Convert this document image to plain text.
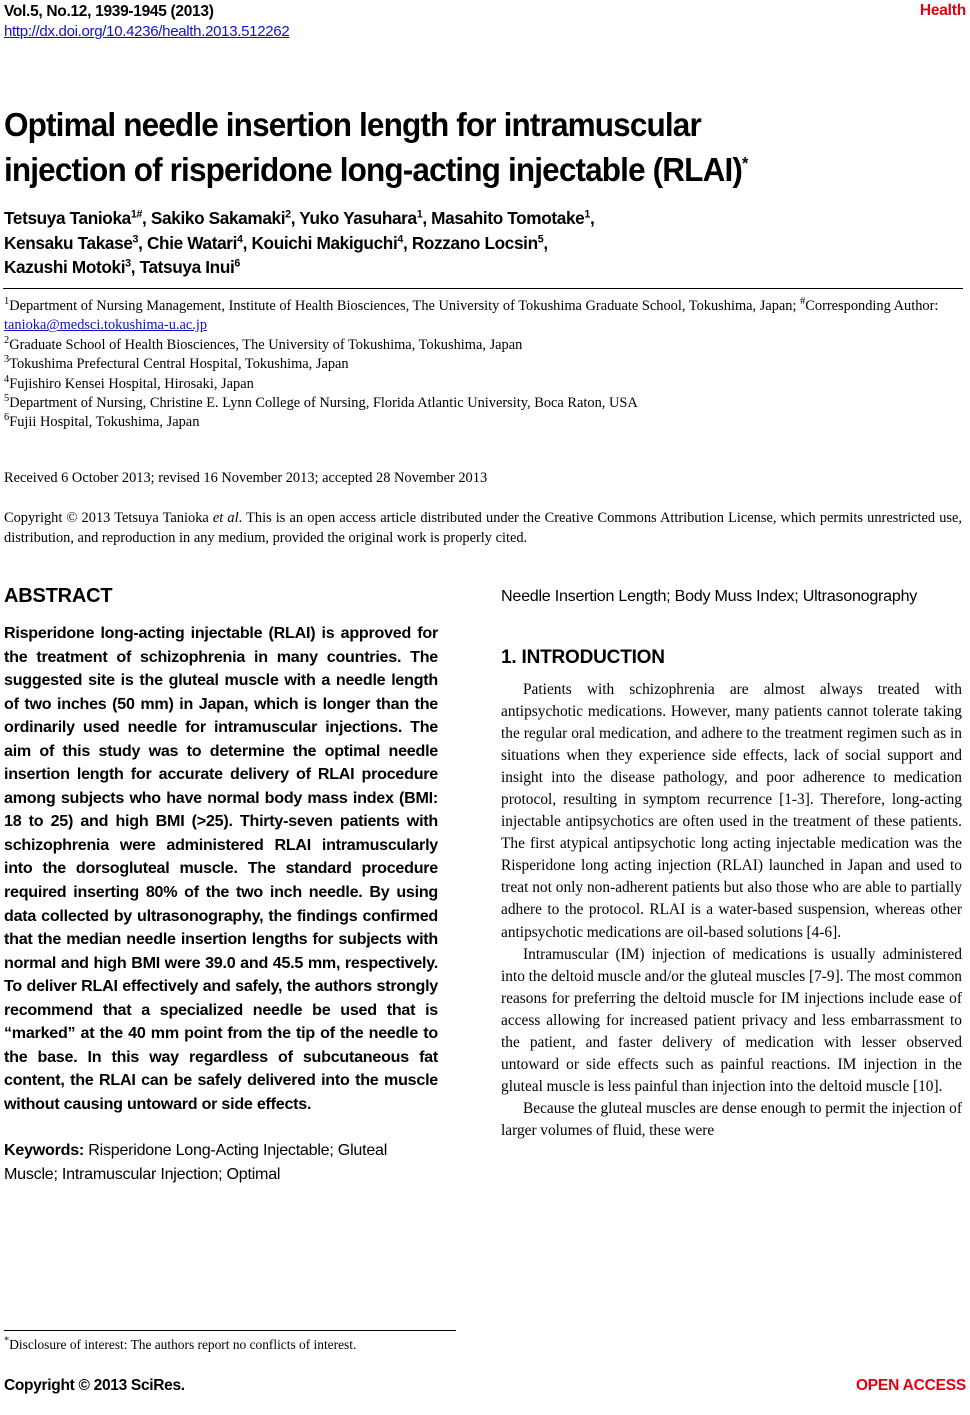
Vol.5, No.12, 1939-1945 (2013)
http://dx.doi.org/10.4236/health.2013.512262
Health
Optimal needle insertion length for intramuscular
injection of risperidone long-acting injectable (RLAI)*
Tetsuya Tanioka$^{1\#}$, Sakiko Sakamaki$^2$, Yuko Yasuhara$^1$, Masahito Tomotake$^1$,
Kensaku Takase$^3$, Chie Watari$^4$, Kouichi Makiguchi$^4$, Rozzano Locsin$^5$,
Kazushi Motoki$^3$, Tatsuya Inui$^6$
$^1$Department of Nursing Management, Institute of Health Biosciences, The University of Tokushima Graduate School, Tokushima, Japan; #Corresponding Author: tanioka@medsci.tokushima-u.ac.jp
$^2$Graduate School of Health Biosciences, The University of Tokushima, Tokushima, Japan
$^3$Tokushima Prefectural Central Hospital, Tokushima, Japan
$^4$Fujishiro Kensei Hospital, Hirosaki, Japan
$^5$Department of Nursing, Christine E. Lynn College of Nursing, Florida Atlantic University, Boca Raton, USA
$^6$Fujii Hospital, Tokushima, Japan
Received 6 October 2013; revised 16 November 2013; accepted 28 November 2013
Copyright © 2013 Tetsuya Tanioka et al. This is an open access article distributed under the Creative Commons Attribution License, which permits unrestricted use, distribution, and reproduction in any medium, provided the original work is properly cited.
ABSTRACT

Risperidone long-acting injectable (RLAI) is approved for the treatment of schizophrenia in many countries. The suggested site is the gluteal muscle with a needle length of two inches (50 mm) in Japan, which is longer than the ordinarily used needle for intramuscular injections. The aim of this study was to determine the optimal needle insertion length for accurate delivery of RLAI procedure among subjects who have normal body mass index (BMI: 18 to 25) and high BMI (>25). Thirty-seven patients with schizophrenia were administered RLAI intramuscularly into the dorsogluteal muscle. The standard procedure required inserting 80% of the two inch needle. By using data collected by ultrasonography, the findings confirmed that the median needle insertion lengths for subjects with normal and high BMI were 39.0 and 45.5 mm, respectively. To deliver RLAI effectively and safely, the authors strongly recommend that a specialized needle be used that is “marked” at the 40 mm point from the tip of the needle to the base. In this way regardless of subcutaneous fat content, the RLAI can be safely delivered into the muscle without causing untoward or side effects.

Keywords: Risperidone Long-Acting Injectable; Gluteal Muscle; Intramuscular Injection; Optimal

Needle Insertion Length; Body Muss Index; Ultrasonography

1. INTRODUCTION

Patients with schizophrenia are almost always treated with antipsychotic medications. However, many patients cannot tolerate taking the regular oral medication, and adhere to the treatment regimen such as in situations when they experience side effects, lack of social support and insight into the disease pathology, and poor adherence to medication protocol, resulting in symptom recurrence [1-3]. Therefore, long-acting injectable antipsychotics are often used in the treatment of these patients. The first atypical antipsychotic long acting injectable medication was the Risperidone long acting injection (RLAI) launched in Japan and used to treat not only non-adherent patients but also those who are able to partially adhere to the protocol. RLAI is a water-based suspension, whereas other antipsychotic medications are oil-based solutions [4-6].

Intramuscular (IM) injection of medications is usually administered into the deltoid muscle and/or the gluteal muscles [7-9]. The most common reasons for preferring the deltoid muscle for IM injections include ease of access allowing for increased patient privacy and less embarrassment to the patient, and faster delivery of medication with lesser observed untoward or side effects such as painful reactions. IM injection in the gluteal muscle is less painful than injection into the deltoid muscle [10].

Because the gluteal muscles are dense enough to permit the injection of larger volumes of fluid, these were

*Disclosure of interest: The authors report no conflicts of interest.
Copyright © 2013 SciRes.	OPEN ACCESS
